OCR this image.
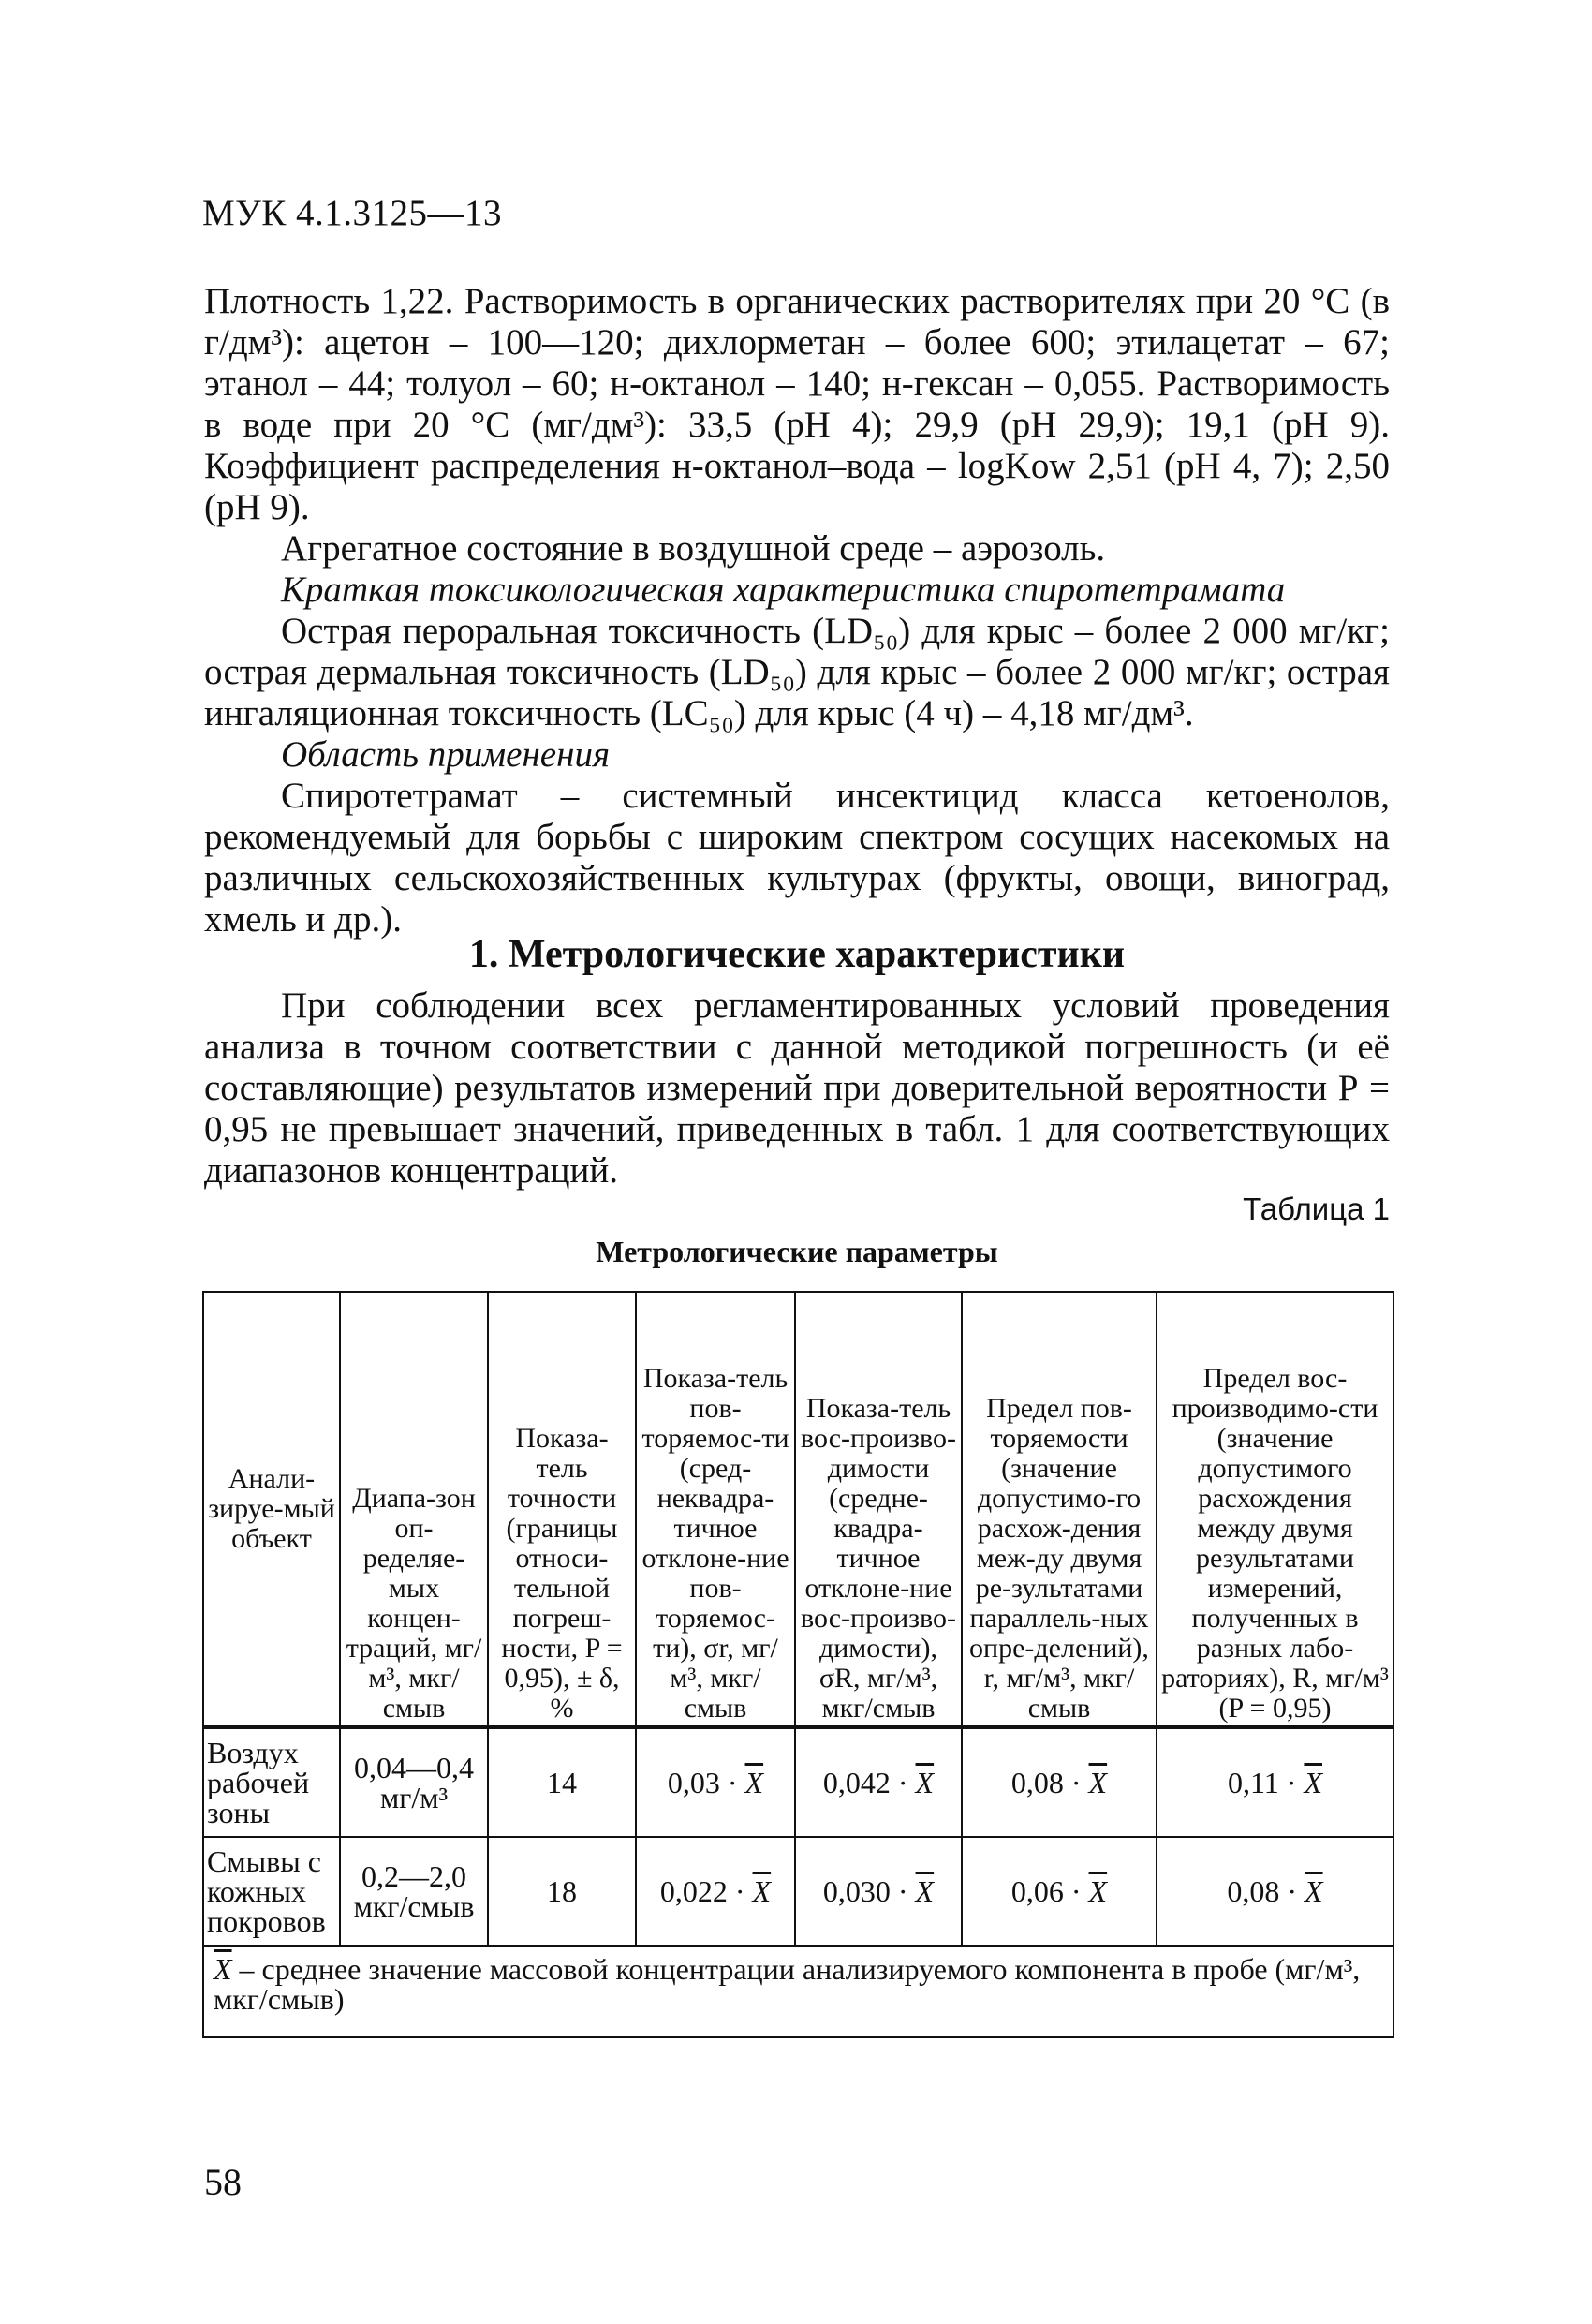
МУК 4.1.3125—13

Плотность 1,22. Растворимость в органических растворителях при 20 °С (в г/дм³): ацетон – 100—120; дихлорметан – более 600; этилацетат – 67; этанол – 44; толуол – 60; н-октанол – 140; н-гексан – 0,055. Растворимость в воде при 20 °С (мг/дм³): 33,5 (рН 4); 29,9 (рН 29,9); 19,1 (рН 9). Коэффициент распределения н-октанол–вода – logKow 2,51 (рН 4, 7); 2,50 (рН 9).

Агрегатное состояние в воздушной среде – аэрозоль.

Краткая токсикологическая характеристика спиротетрамата

Острая пероральная токсичность (LD₅₀) для крыс – более 2 000 мг/кг; острая дермальная токсичность (LD₅₀) для крыс – более 2 000 мг/кг; острая ингаляционная токсичность (LC₅₀) для крыс (4 ч) – 4,18 мг/дм³.

Область применения

Спиротетрамат – системный инсектицид класса кетоенолов, рекомендуемый для борьбы с широким спектром сосущих насекомых на различных сельскохозяйственных культурах (фрукты, овощи, виноград, хмель и др.).

1. Метрологические характеристики

При соблюдении всех регламентированных условий проведения анализа в точном соответствии с данной методикой погрешность (и её составляющие) результатов измерений при доверительной вероятности Р = 0,95 не превышает значений, приведенных в табл. 1 для соответствующих диапазонов концентраций.

Таблица 1
Метрологические параметры
Анали-зируе-мый объект	Диапа-зон оп-ределяе-мых концен-траций, мг/м³, мкг/смыв	Показа-тель точности (границы относи-тельной погреш-ности, P = 0,95), ± δ, %	Показа-тель пов-торяемос-ти (сред-неквадра-тичное отклоне-ние пов-торяемос-ти), σr, мг/м³, мкг/смыв	Показа-тель вос-произво-димости (средне-квадра-тичное отклоне-ние вос-произво-димости), σR, мг/м³, мкг/смыв	Предел пов-торяемости (значение допустимо-го расхож-дения меж-ду двумя ре-зультатами параллель-ных опре-делений), r, мг/м³, мкг/смыв	Предел вос-производимо-сти (значение допустимого расхождения между двумя результатами измерений, полученных в разных лабо-раториях), R, мг/м³ (P = 0,95)
Воздух рабочей зоны	0,04—0,4 мг/м³	14	$0,03 \cdot \overline{X}$	$0,042 \cdot \overline{X}$	$0,08 \cdot \overline{X}$	$0,11 \cdot \overline{X}$
Смывы с кожных покровов	0,2—2,0 мкг/смыв	18	$0,022 \cdot \overline{X}$	$0,030 \cdot \overline{X}$	$0,06 \cdot \overline{X}$	$0,08 \cdot \overline{X}$
$\overline{X}$ – среднее значение массовой концентрации анализируемого компонента в пробе (мг/м³, мкг/смыв)						
58
